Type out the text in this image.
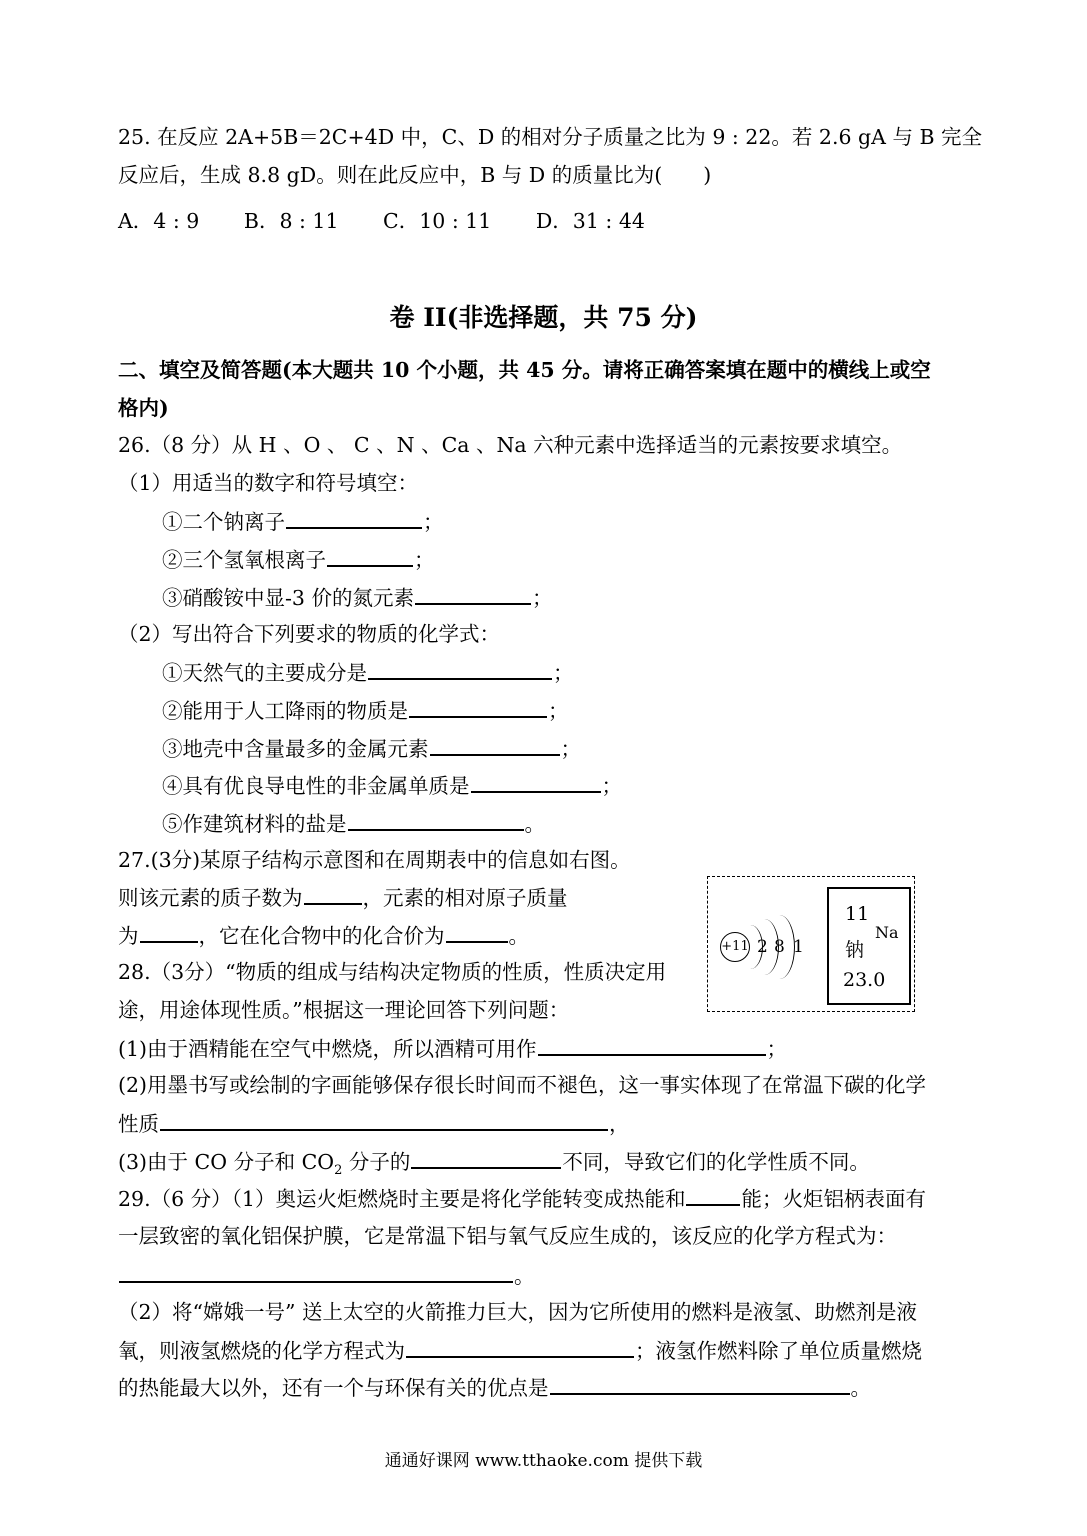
25. 在反应 2A+5B＝2C+4D 中，C、D 的相对分子质量之比为 9 : 22。若 2.6 gA 与 B 完全
反应后，生成 8.8 gD。则在此反应中，B 与 D 的质量比为(　　)
A．4 : 9 B．8 : 11 C．10 : 11 D．31 : 44
卷 II(非选择题，共 75 分)
二、填空及简答题(本大题共 10 个小题，共 45 分。请将正确答案填在题中的横线上或空
格内)
26.（8 分）从 H 、O 、 C 、N 、Ca 、Na 六种元素中选择适当的元素按要求填空。
（1）用适当的数字和符号填空：
①二个钠离子	；
②三个氢氧根离子	；
③硝酸铵中显-3 价的氮元素	；
（2）写出符合下列要求的物质的化学式：
①天然气的主要成分是	；
②能用于人工降雨的物质是	；
③地壳中含量最多的金属元素	；
④具有优良导电性的非金属单质是	；
⑤作建筑材料的盐是	。
27.(3分)某原子结构示意图和在周期表中的信息如右图。
则该元素的质子数为	，元素的相对原子质量
为	，它在化合物中的化合价为	。	+11 2 8 1
11
Na
钠
23.0
28.（3分）“物质的组成与结构决定物质的性质，性质决定用
途，用途体现性质。”根据这一理论回答下列问题：
(1)由于酒精能在空气中燃烧，所以酒精可用作	；
(2)用墨书写或绘制的字画能够保存很长时间而不褪色，这一事实体现了在常温下碳的化学
性质	，
(3)由于 CO 分子和 $CO_2$ 分子的	不同，导致它们的化学性质不同。
29.（6 分）（1）奥运火炬燃烧时主要是将化学能转变成热能和	能；火炬铝柄表面有
一层致密的氧化铝保护膜，它是常温下铝与氧气反应生成的，该反应的化学方程式为：
。
（2）将“嫦娥一号” 送上太空的火箭推力巨大，因为它所使用的燃料是液氢、助燃剂是液
氧，则液氢燃烧的化学方程式为	；液氢作燃料除了单位质量燃烧
的热能最大以外，还有一个与环保有关的优点是	。
通通好课网 www.tthaoke.com 提供下载
